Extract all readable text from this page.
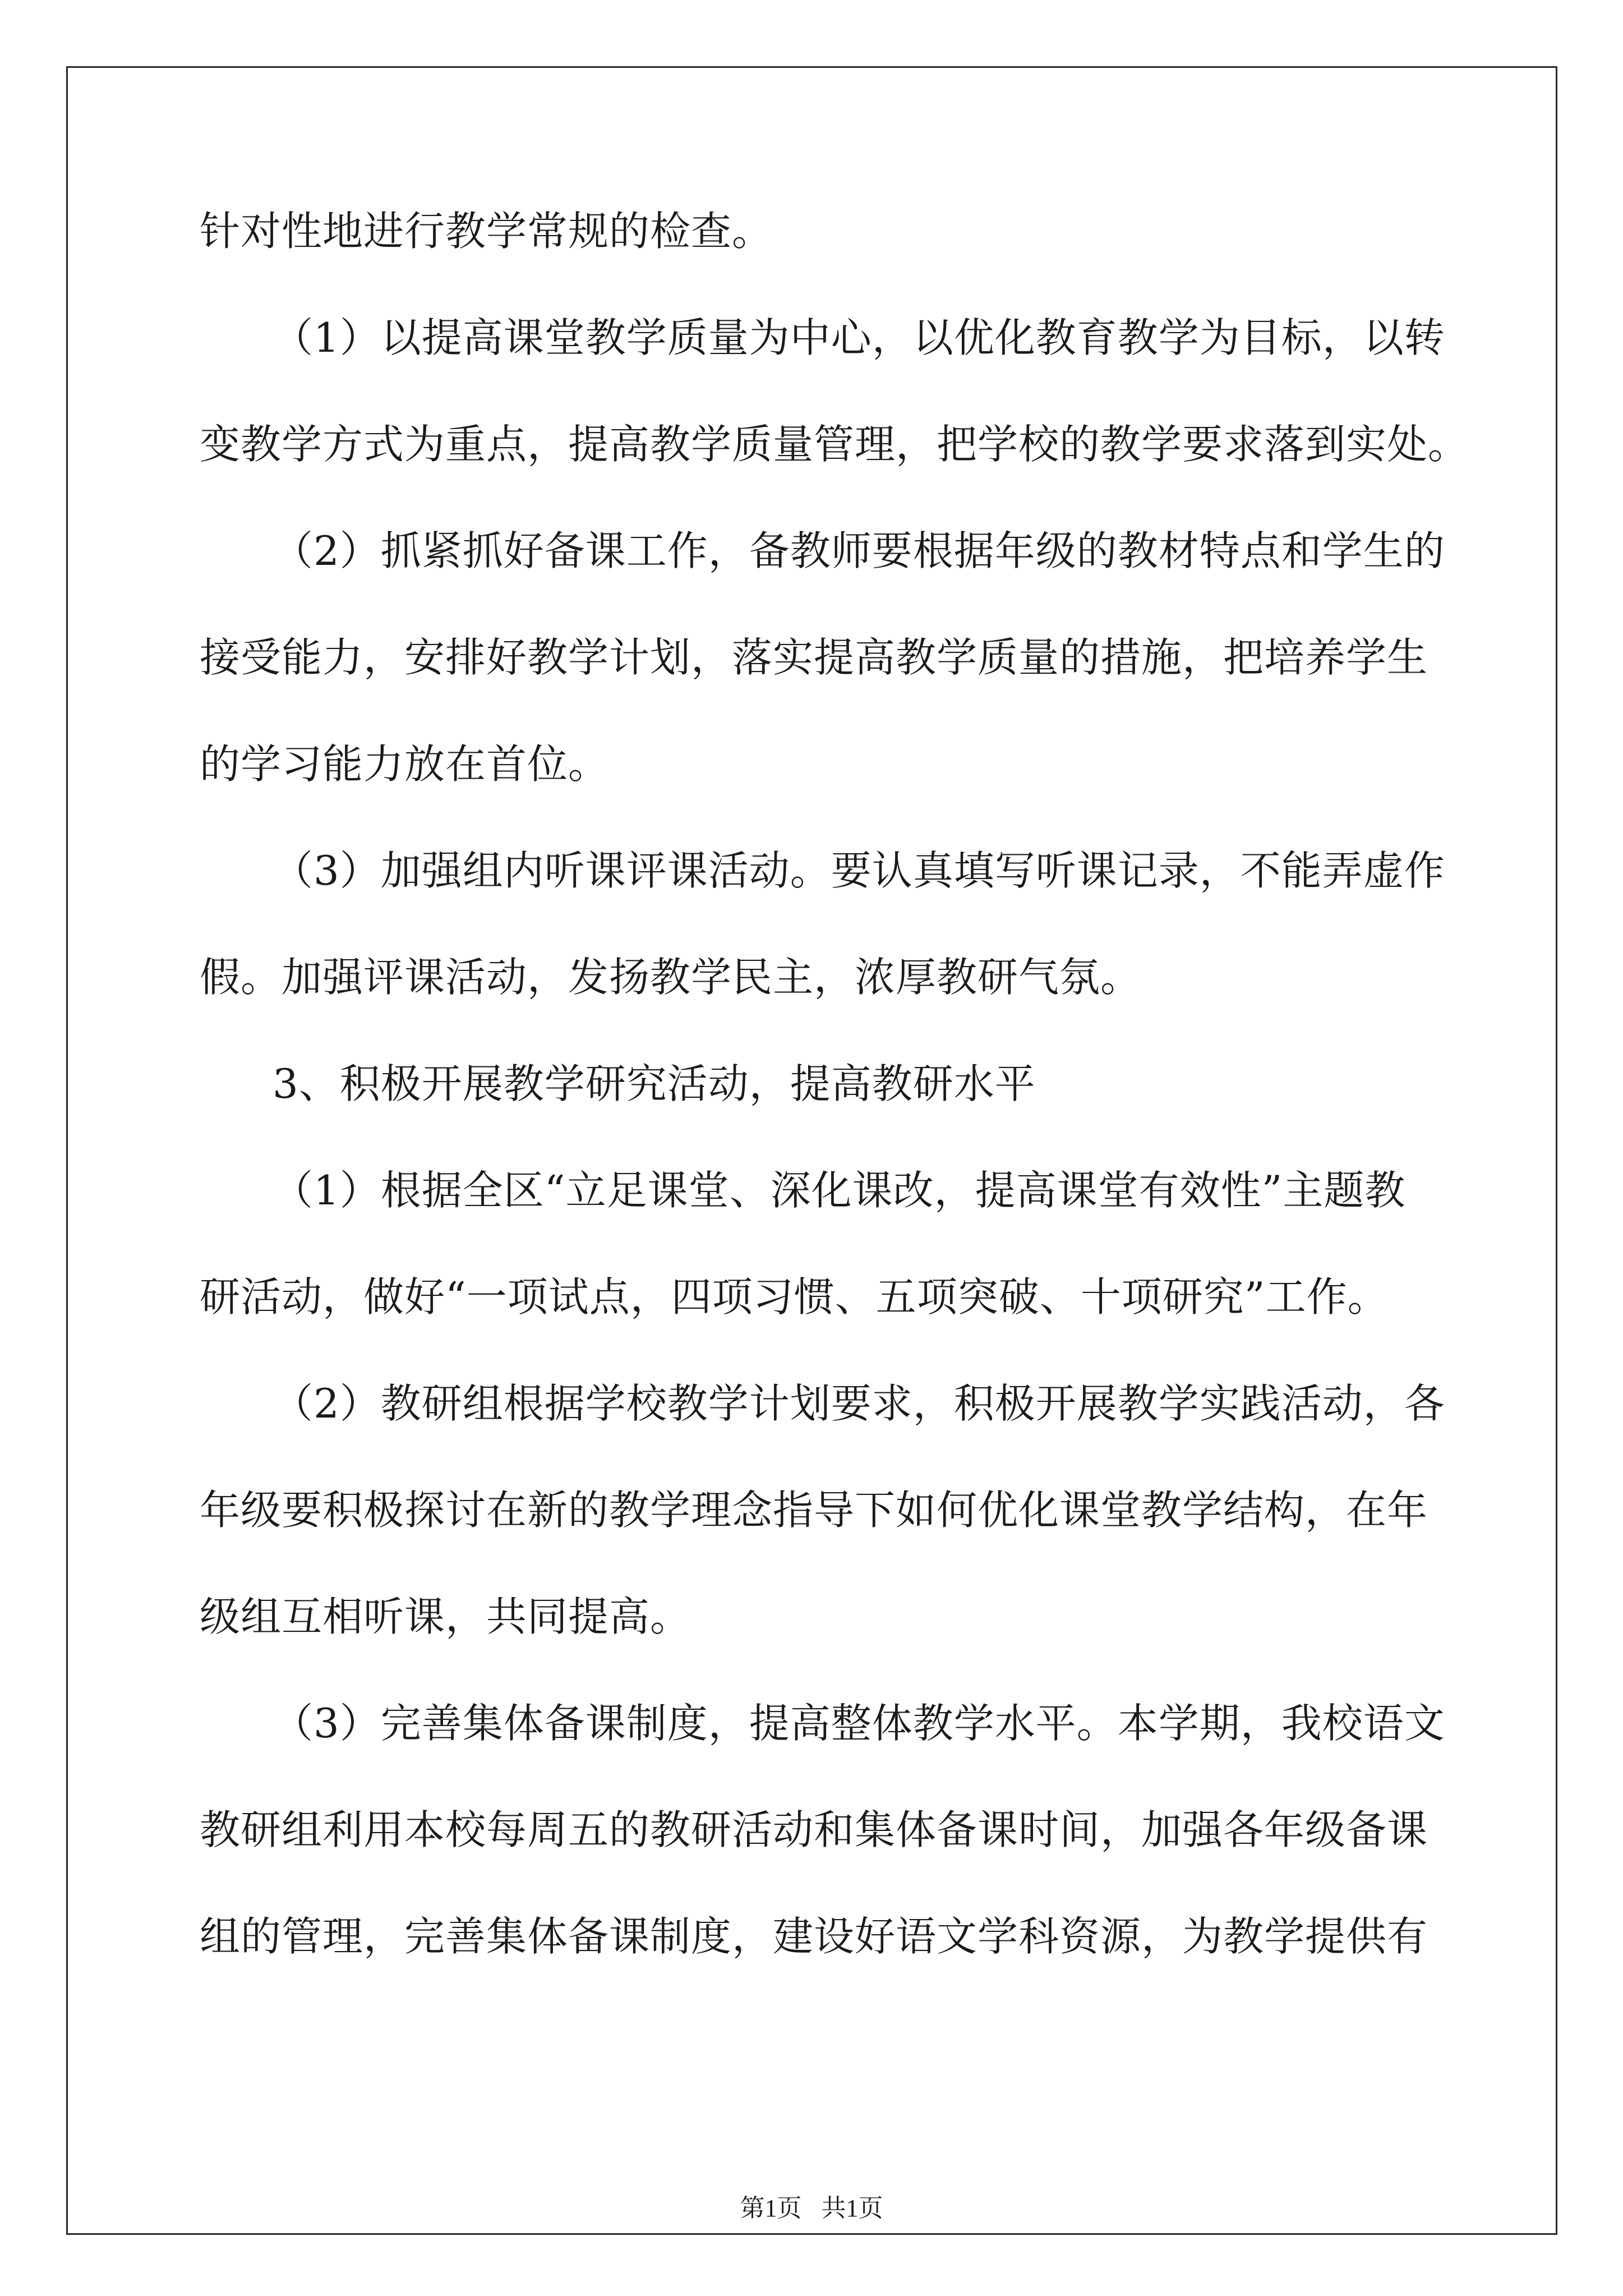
针对性地进行教学常规的检查。
（1）以提高课堂教学质量为中心，以优化教育教学为目标，以转
变教学方式为重点，提高教学质量管理，把学校的教学要求落到实处。
（2）抓紧抓好备课工作，备教师要根据年级的教材特点和学生的
接受能力，安排好教学计划，落实提高教学质量的措施，把培养学生
的学习能力放在首位。
（3）加强组内听课评课活动。要认真填写听课记录，不能弄虚作
假。加强评课活动，发扬教学民主，浓厚教研气氛。
3、积极开展教学研究活动，提高教研水平
（1）根据全区“立足课堂、深化课改，提高课堂有效性”主题教
研活动，做好“一项试点，四项习惯、五项突破、十项研究”工作。
（2）教研组根据学校教学计划要求，积极开展教学实践活动，各
年级要积极探讨在新的教学理念指导下如何优化课堂教学结构，在年
级组互相听课，共同提高。
（3）完善集体备课制度，提高整体教学水平。本学期，我校语文
教研组利用本校每周五的教研活动和集体备课时间，加强各年级备课
组的管理，完善集体备课制度，建设好语文学科资源，为教学提供有
第1页 共1页
